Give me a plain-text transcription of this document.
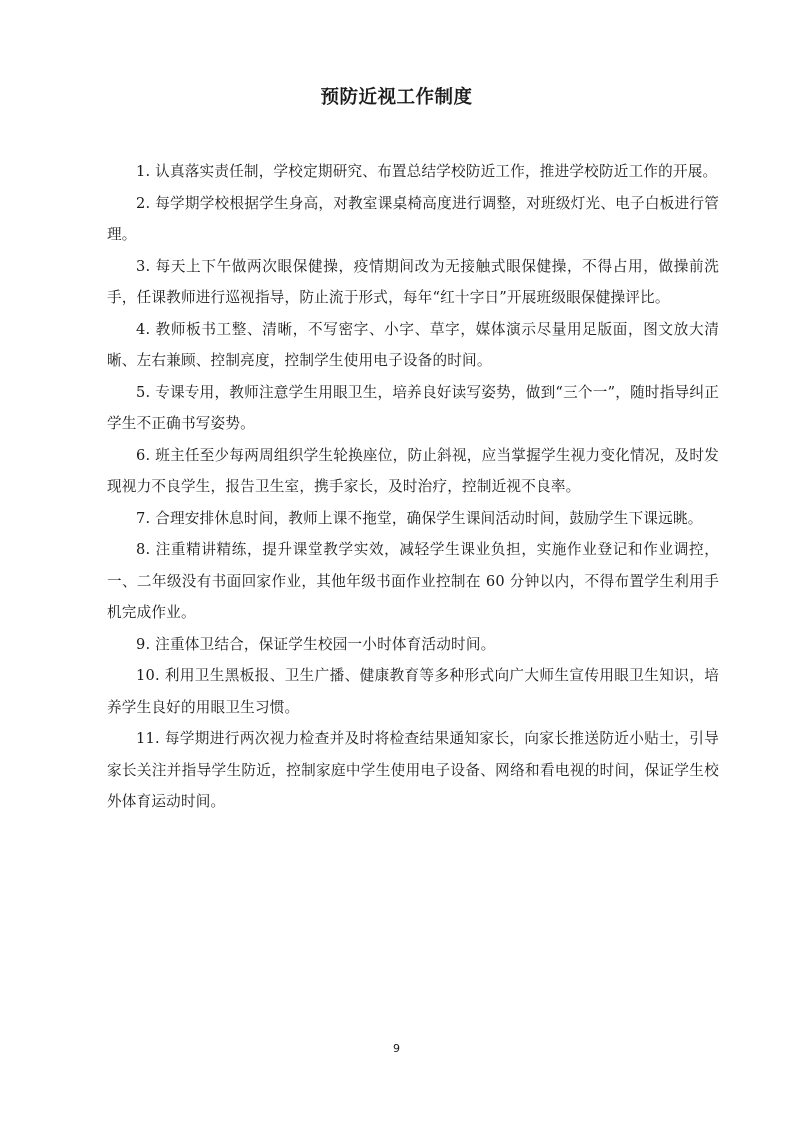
预防近视工作制度

1. 认真落实责任制，学校定期研究、布置总结学校防近工作，推进学校防近工作的开展。

2. 每学期学校根据学生身高，对教室课桌椅高度进行调整，对班级灯光、电子白板进行管理。

3. 每天上下午做两次眼保健操，疫情期间改为无接触式眼保健操，不得占用，做操前洗手，任课教师进行巡视指导，防止流于形式，每年“红十字日”开展班级眼保健操评比。

4. 教师板书工整、清晰，不写密字、小字、草字，媒体演示尽量用足版面，图文放大清晰、左右兼顾、控制亮度，控制学生使用电子设备的时间。

5. 专课专用，教师注意学生用眼卫生，培养良好读写姿势，做到“三个一”，随时指导纠正学生不正确书写姿势。

6. 班主任至少每两周组织学生轮换座位，防止斜视，应当掌握学生视力变化情况，及时发现视力不良学生，报告卫生室，携手家长，及时治疗，控制近视不良率。

7. 合理安排休息时间，教师上课不拖堂，确保学生课间活动时间，鼓励学生下课远眺。

8. 注重精讲精练，提升课堂教学实效，减轻学生课业负担，实施作业登记和作业调控，一、二年级没有书面回家作业，其他年级书面作业控制在 60 分钟以内，不得布置学生利用手机完成作业。

9. 注重体卫结合，保证学生校园一小时体育活动时间。

10. 利用卫生黑板报、卫生广播、健康教育等多种形式向广大师生宣传用眼卫生知识，培养学生良好的用眼卫生习惯。

11. 每学期进行两次视力检查并及时将检查结果通知家长，向家长推送防近小贴士，引导家长关注并指导学生防近，控制家庭中学生使用电子设备、网络和看电视的时间，保证学生校外体育运动时间。

9
